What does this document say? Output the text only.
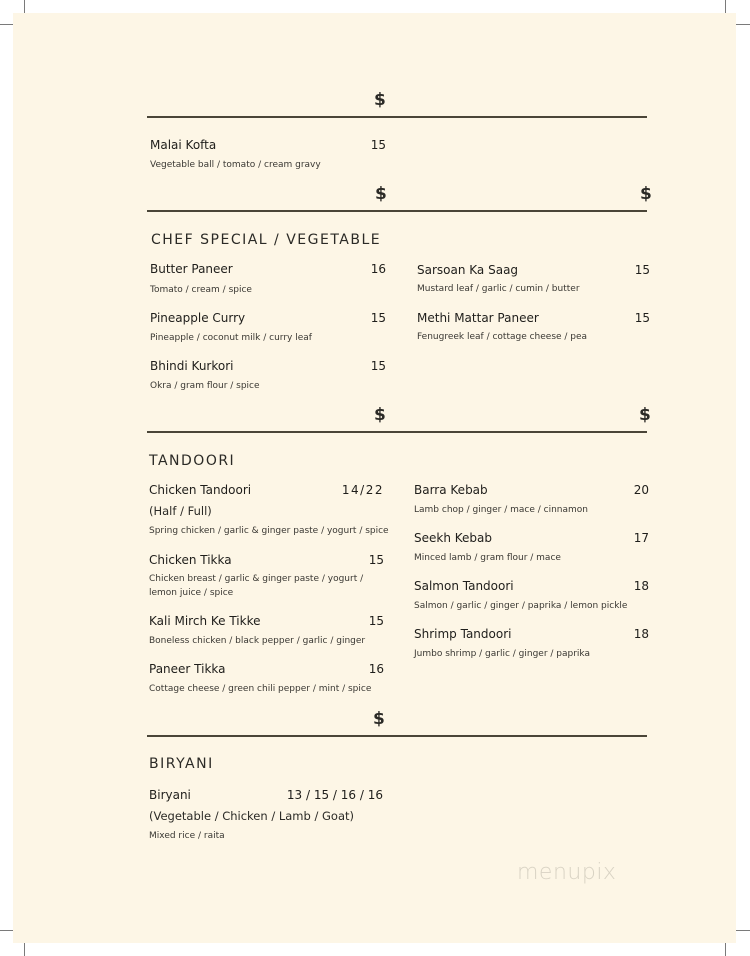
$
Malai Kofta	15
Vegetable ball / tomato / cream gravy
$	$
CHEF SPECIAL / VEGETABLE
Butter Paneer	16
Tomato / cream / spice
Pineapple Curry	15
Pineapple / coconut milk / curry leaf
Bhindi Kurkori	15
Okra / gram flour / spice
Sarsoan Ka Saag	15
Mustard leaf / garlic / cumin / butter
Methi Mattar Paneer	15
Fenugreek leaf / cottage cheese / pea
$	$
TANDOORI
Chicken Tandoori	14/22
(Half / Full)
Spring chicken / garlic & ginger paste / yogurt / spice
Chicken Tikka	15
Chicken breast / garlic & ginger paste / yogurt /
lemon juice / spice
Kali Mirch Ke Tikke	15
Boneless chicken / black pepper / garlic / ginger
Paneer Tikka	16
Cottage cheese / green chili pepper / mint / spice
Barra Kebab	20
Lamb chop / ginger / mace / cinnamon
Seekh Kebab	17
Minced lamb / gram flour / mace
Salmon Tandoori	18
Salmon / garlic / ginger / paprika / lemon pickle
Shrimp Tandoori	18
Jumbo shrimp / garlic / ginger / paprika
$
BIRYANI
Biryani	13 / 15 / 16 / 16
(Vegetable / Chicken / Lamb / Goat)
Mixed rice / raita
menupix
